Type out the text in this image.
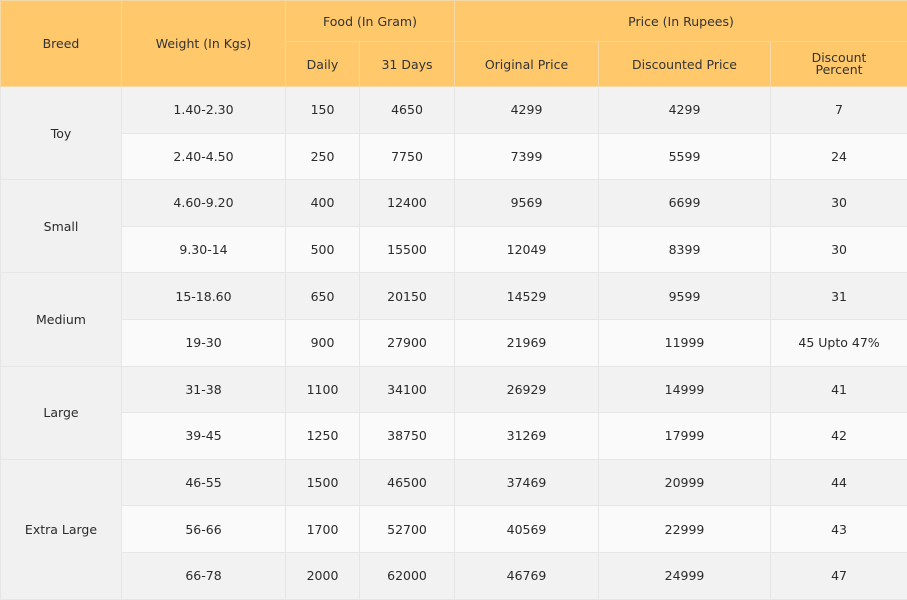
Breed	Weight (In Kgs)	Food (In Gram)		Price (In Rupees)		
		Daily	31 Days	Original Price	Discounted Price	Discount
Percent
Toy	1.40-2.30	150	4650	4299	4299	7
	2.40-4.50	250	7750	7399	5599	24
Small	4.60-9.20	400	12400	9569	6699	30
	9.30-14	500	15500	12049	8399	30
Medium	15-18.60	650	20150	14529	9599	31
	19-30	900	27900	21969	11999	45 Upto 47%
Large	31-38	1100	34100	26929	14999	41
	39-45	1250	38750	31269	17999	42
Extra Large	46-55	1500	46500	37469	20999	44
	56-66	1700	52700	40569	22999	43
	66-78	2000	62000	46769	24999	47
